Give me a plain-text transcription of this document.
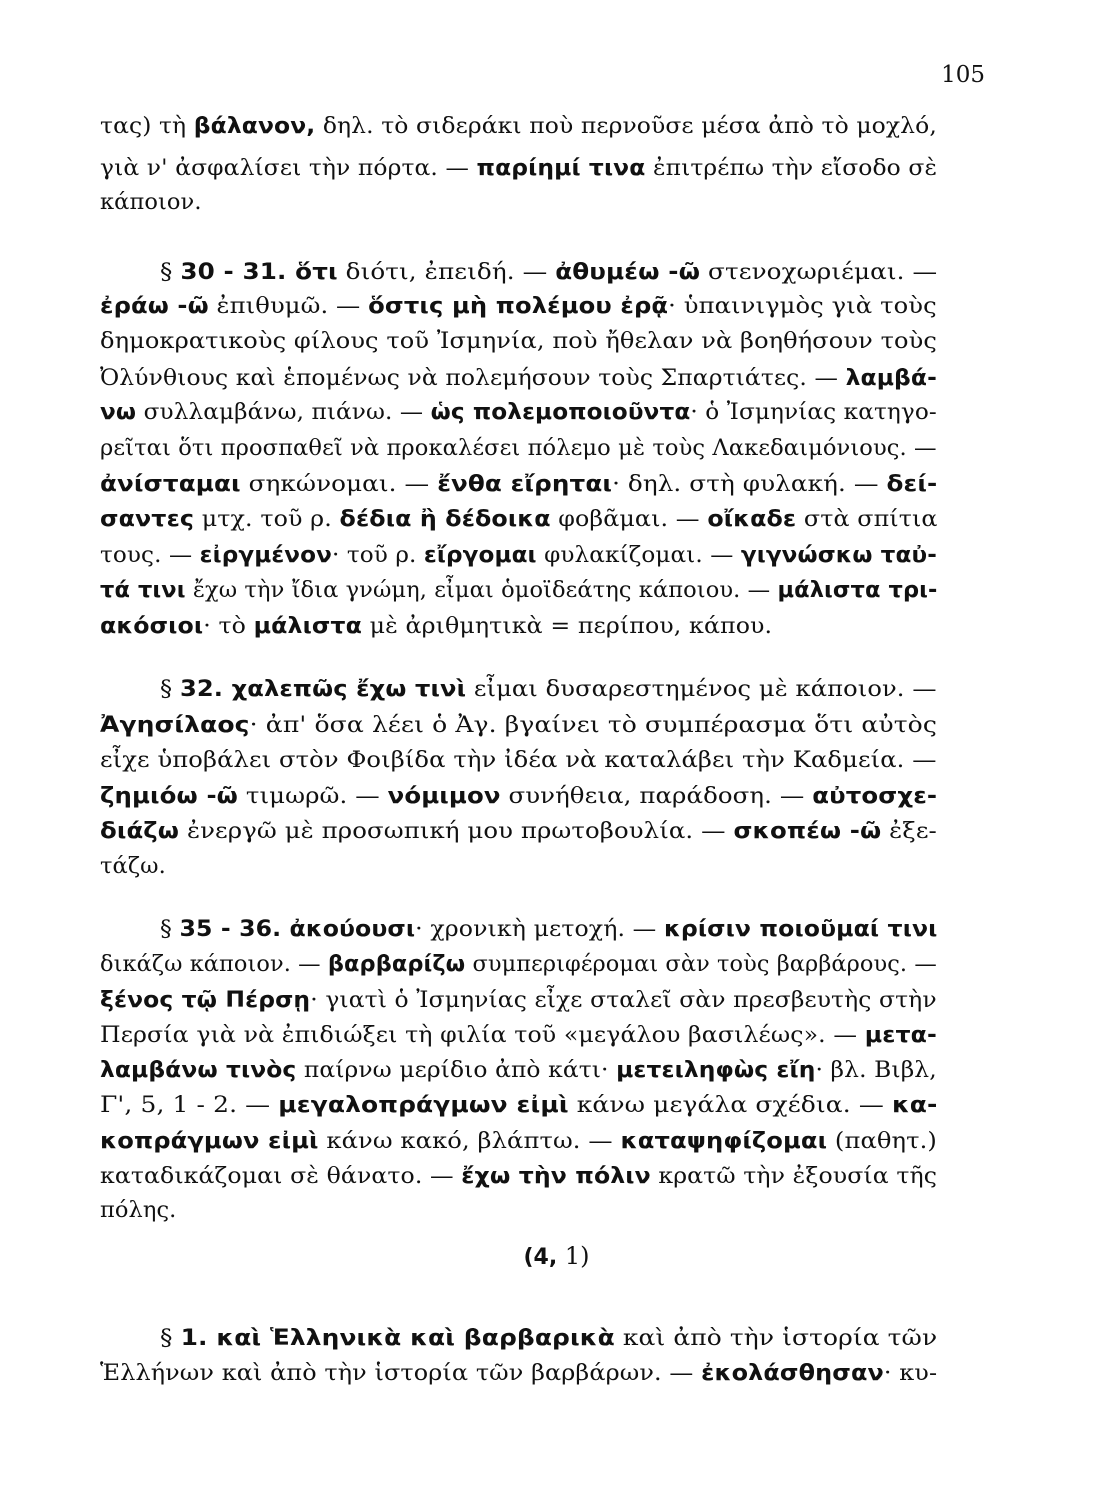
105
τας) τὴ βάλανον, δηλ. τὸ σιδεράκι ποὺ περνοῦσε μέσα ἀπὸ τὸ μοχλό,
γιὰ ν' ἀσφαλίσει τὴν πόρτα. — παρίημί τινα ἐπιτρέπω τὴν εἴσοδο σὲ
κάποιον.
§ 30 - 31. ὅτι διότι, ἐπειδή. — ἀθυμέω -ῶ στενοχωριέμαι. —
ἐράω -ῶ ἐπιθυμῶ. — ὅστις μὴ πολέμου ἐρᾷ· ὑπαινιγμὸς γιὰ τοὺς
δημοκρατικοὺς φίλους τοῦ Ἰσμηνία, ποὺ ἤθελαν νὰ βοηθήσουν τοὺς
Ὀλύνθιους καὶ ἑπομένως νὰ πολεμήσουν τοὺς Σπαρτιάτες. — λαμβά-
νω συλλαμβάνω, πιάνω. — ὡς πολεμοποιοῦντα· ὁ Ἰσμηνίας κατηγο-
ρεῖται ὅτι προσπαθεῖ νὰ προκαλέσει πόλεμο μὲ τοὺς Λακεδαιμόνιους. —
ἀνίσταμαι σηκώνομαι. — ἔνθα εἴρηται· δηλ. στὴ φυλακή. — δεί-
σαντες μτχ. τοῦ ρ. δέδια ἢ δέδοικα φοβᾶμαι. — οἴκαδε στὰ σπίτια
τους. — εἰργμένον· τοῦ ρ. εἴργομαι φυλακίζομαι. — γιγνώσκω ταὐ-
τά τινι ἔχω τὴν ἴδια γνώμη, εἶμαι ὁμοϊδεάτης κάποιου. — μάλιστα τρι-
ακόσιοι· τὸ μάλιστα μὲ ἀριθμητικὰ = περίπου, κάπου.
§ 32. χαλεπῶς ἔχω τινὶ εἶμαι δυσαρεστημένος μὲ κάποιον. —
Ἀγησίλαος· ἀπ' ὅσα λέει ὁ Ἀγ. βγαίνει τὸ συμπέρασμα ὅτι αὐτὸς
εἶχε ὑποβάλει στὸν Φοιβίδα τὴν ἰδέα νὰ καταλάβει τὴν Καδμεία. —
ζημιόω -ῶ τιμωρῶ. — νόμιμον συνήθεια, παράδοση. — αὐτοσχε-
διάζω ἐνεργῶ μὲ προσωπική μου πρωτοβουλία. — σκοπέω -ῶ ἐξε-
τάζω.
§ 35 - 36. ἀκούουσι· χρονικὴ μετοχή. — κρίσιν ποιοῦμαί τινι
δικάζω κάποιον. — βαρβαρίζω συμπεριφέρομαι σὰν τοὺς βαρβάρους. —
ξένος τῷ Πέρσῃ· γιατὶ ὁ Ἰσμηνίας εἶχε σταλεῖ σὰν πρεσβευτὴς στὴν
Περσία γιὰ νὰ ἐπιδιώξει τὴ φιλία τοῦ «μεγάλου βασιλέως». — μετα-
λαμβάνω τινὸς παίρνω μερίδιο ἀπὸ κάτι· μετειληφὼς εἴη· βλ. Βιβλ,
Γ', 5, 1 - 2. — μεγαλοπράγμων εἰμὶ κάνω μεγάλα σχέδια. — κα-
κοπράγμων εἰμὶ κάνω κακό, βλάπτω. — καταψηφίζομαι (παθητ.)
καταδικάζομαι σὲ θάνατο. — ἔχω τὴν πόλιν κρατῶ τὴν ἐξουσία τῆς
πόλης.
§ 1. καὶ Ἑλληνικὰ καὶ βαρβαρικὰ καὶ ἀπὸ τὴν ἱστορία τῶν
Ἑλλήνων καὶ ἀπὸ τὴν ἱστορία τῶν βαρβάρων. — ἐκολάσθησαν· κυ-
(4, 1)
